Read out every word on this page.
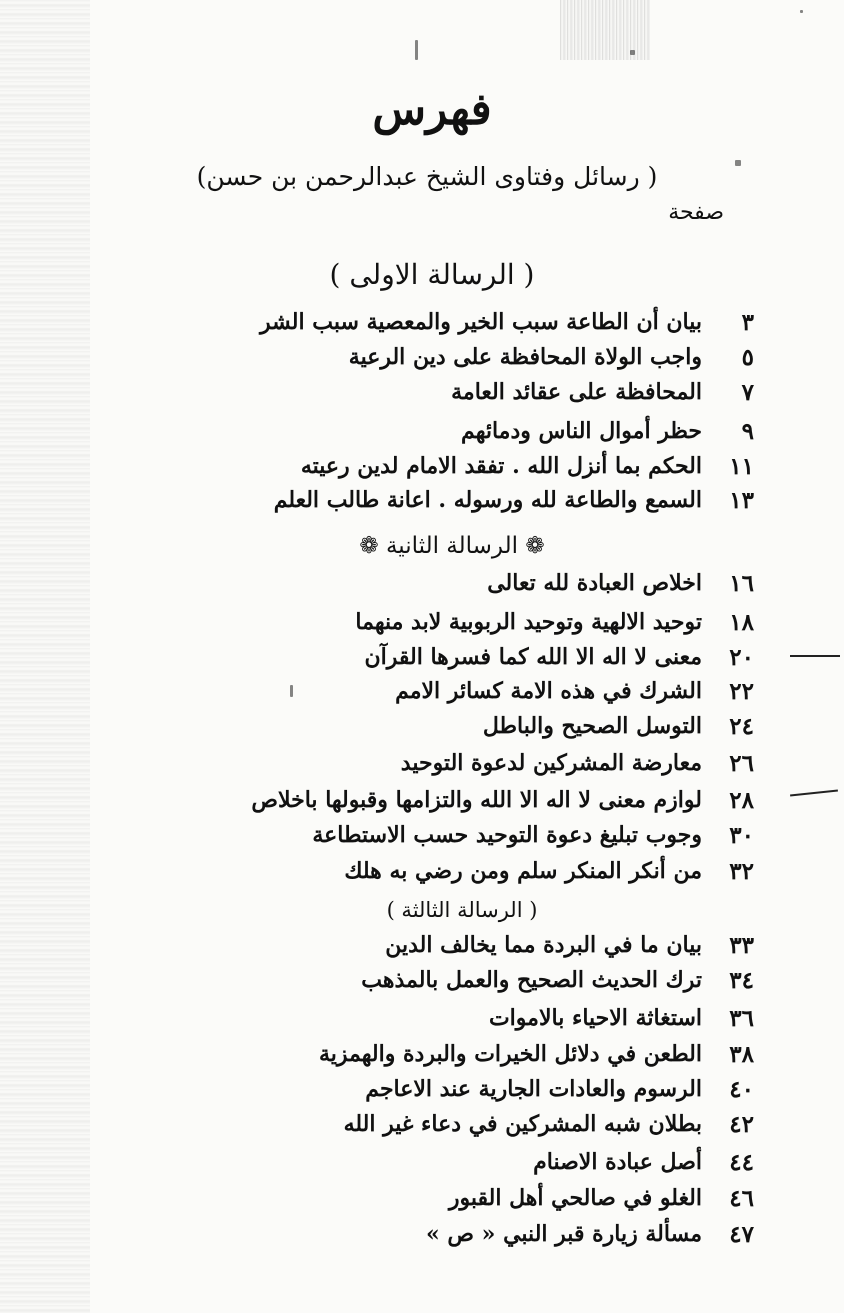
فهرس
( رسائل وفتاوى الشيخ عبدالرحمن بن حسن)
صفحة
( الرسالة الاولى )
٣
بيان أن الطاعة سبب الخير والمعصية سبب الشر
٥
واجب الولاة المحافظة على دين الرعية
٧
المحافظة على عقائد العامة
٩
حظر أموال الناس ودمائهم
١١
الحكم بما أنزل الله . تفقد الامام لدين رعيته
١٣
السمع والطاعة لله ورسوله . اعانة طالب العلم
❁ الرسالة الثانية ❁
١٦
اخلاص العبادة لله تعالى
١٨
توحيد الالهية وتوحيد الربوبية لابد منهما
٢٠
معنى لا اله الا الله كما فسرها القرآن
٢٢
الشرك في هذه الامة كسائر الامم
٢٤
التوسل الصحيح والباطل
٢٦
معارضة المشركين لدعوة التوحيد
٢٨
لوازم معنى لا اله الا الله والتزامها وقبولها باخلاص
٣٠
وجوب تبليغ دعوة التوحيد حسب الاستطاعة
٣٢
من أنكر المنكر سلم ومن رضي به هلك
( الرسالة الثالثة )
٣٣
بيان ما في البردة مما يخالف الدين
٣٤
ترك الحديث الصحيح والعمل بالمذهب
٣٦
استغاثة الاحياء بالاموات
٣٨
الطعن في دلائل الخيرات والبردة والهمزية
٤٠
الرسوم والعادات الجارية عند الاعاجم
٤٢
بطلان شبه المشركين في دعاء غير الله
٤٤
أصل عبادة الاصنام
٤٦
الغلو في صالحي أهل القبور
٤٧
مسألة زيارة قبر النبي « ص »
